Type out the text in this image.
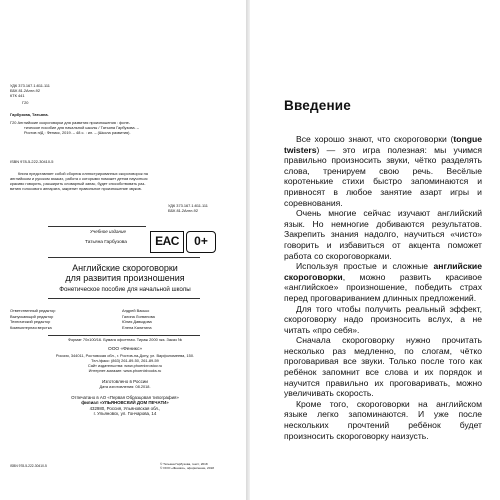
УДК 373.167.1:811.111
ББК 81.2Англ-92
КТК 441
Г20
Гарбузова, Татьяна.
Г20 Английские скороговорки для развития произношения : фоне-
тическое пособие для начальной школы / Татьяна Гарбузова. –
Ростов н/Д : Феникс, 2019. – 48 с. : ил. – (Школа развития).
ISBN 978-5-222-30410-5
Книга представляет собой сборник иллюстрированных скороговорок на
английском и русском языках, работа с которыми поможет детям научиться
красиво говорить, расширить словарный запас, будет способствовать раз-
витию голосового аппарата, закрепит правильное произношение звуков.
УДК 373.167.1:811.111
ББК 81.2Англ-92
Учебное издание
Татьяна Гарбузова	EAC	0+
Английские скороговорки
для развития произношения
Фонетическое пособие для начальной школы
Ответственный редактор	Андрей Васько
Выпускающий редактор	Галина Логвинова
Технический редактор	Юлия Давыдова
Компьютерная верстка	Елена Калитина
Формат 70х100/16. Бумага офсетная. Тираж 2000 экз. Заказ №
ООО «Феникс»
Россия, 344011, Ростовская обл., г. Ростов-на-Дону, ул. Варфоломеева, 150.
Тел./факс: (863) 261-89-50, 261-89-59
Сайт издательства: www.phoenixrostov.ru
Интернет-магазин: www.phoenixbooks.ru
Изготовлено в России
Дата изготовления: 08.2018.
Отпечатано в АО «Первая Образцовая типография»
филиал «УЛЬЯНОВСКИЙ ДОМ ПЕЧАТИ»
432980, Россия, Ульяновская обл.,
г. Ульяновск, ул. Гончарова, 14
ISBN 978-5-222-30410-5	© Татьяна Гарбузова, текст, 2018
© ООО «Феникс», оформление, 2018
Введение

Все хорошо знают, что скороговорки (tongue twisters) — это игра полезная: мы учимся правильно произносить звуки, чётко разделять слова, тренируем свою речь. Весёлые коротенькие стихи быстро запоминаются и привносят в любое занятие азарт игры и соревнования.

Очень многие сейчас изучают английский язык. Но немногие добиваются результатов. Закрепить знания надолго, научиться «чисто» говорить и избавиться от акцента поможет работа со скороговорками.

Используя простые и сложные английские скороговорки, можно развить красивое «английское» произношение, победить страх перед проговариванием длинных предложений.

Для того чтобы получить реальный эффект, скороговорку надо произносить вслух, а не читать «про себя».

Сначала скороговорку нужно прочитать несколько раз медленно, по слогам, чётко проговаривая все звуки. Только после того как ребёнок запомнит все слова и их порядок и научится правильно их проговаривать, можно увеличивать скорость.

Кроме того, скороговорки на английском языке легко запоминаются. И уже после нескольких прочтений ребёнок будет произносить скороговорку наизусть.
